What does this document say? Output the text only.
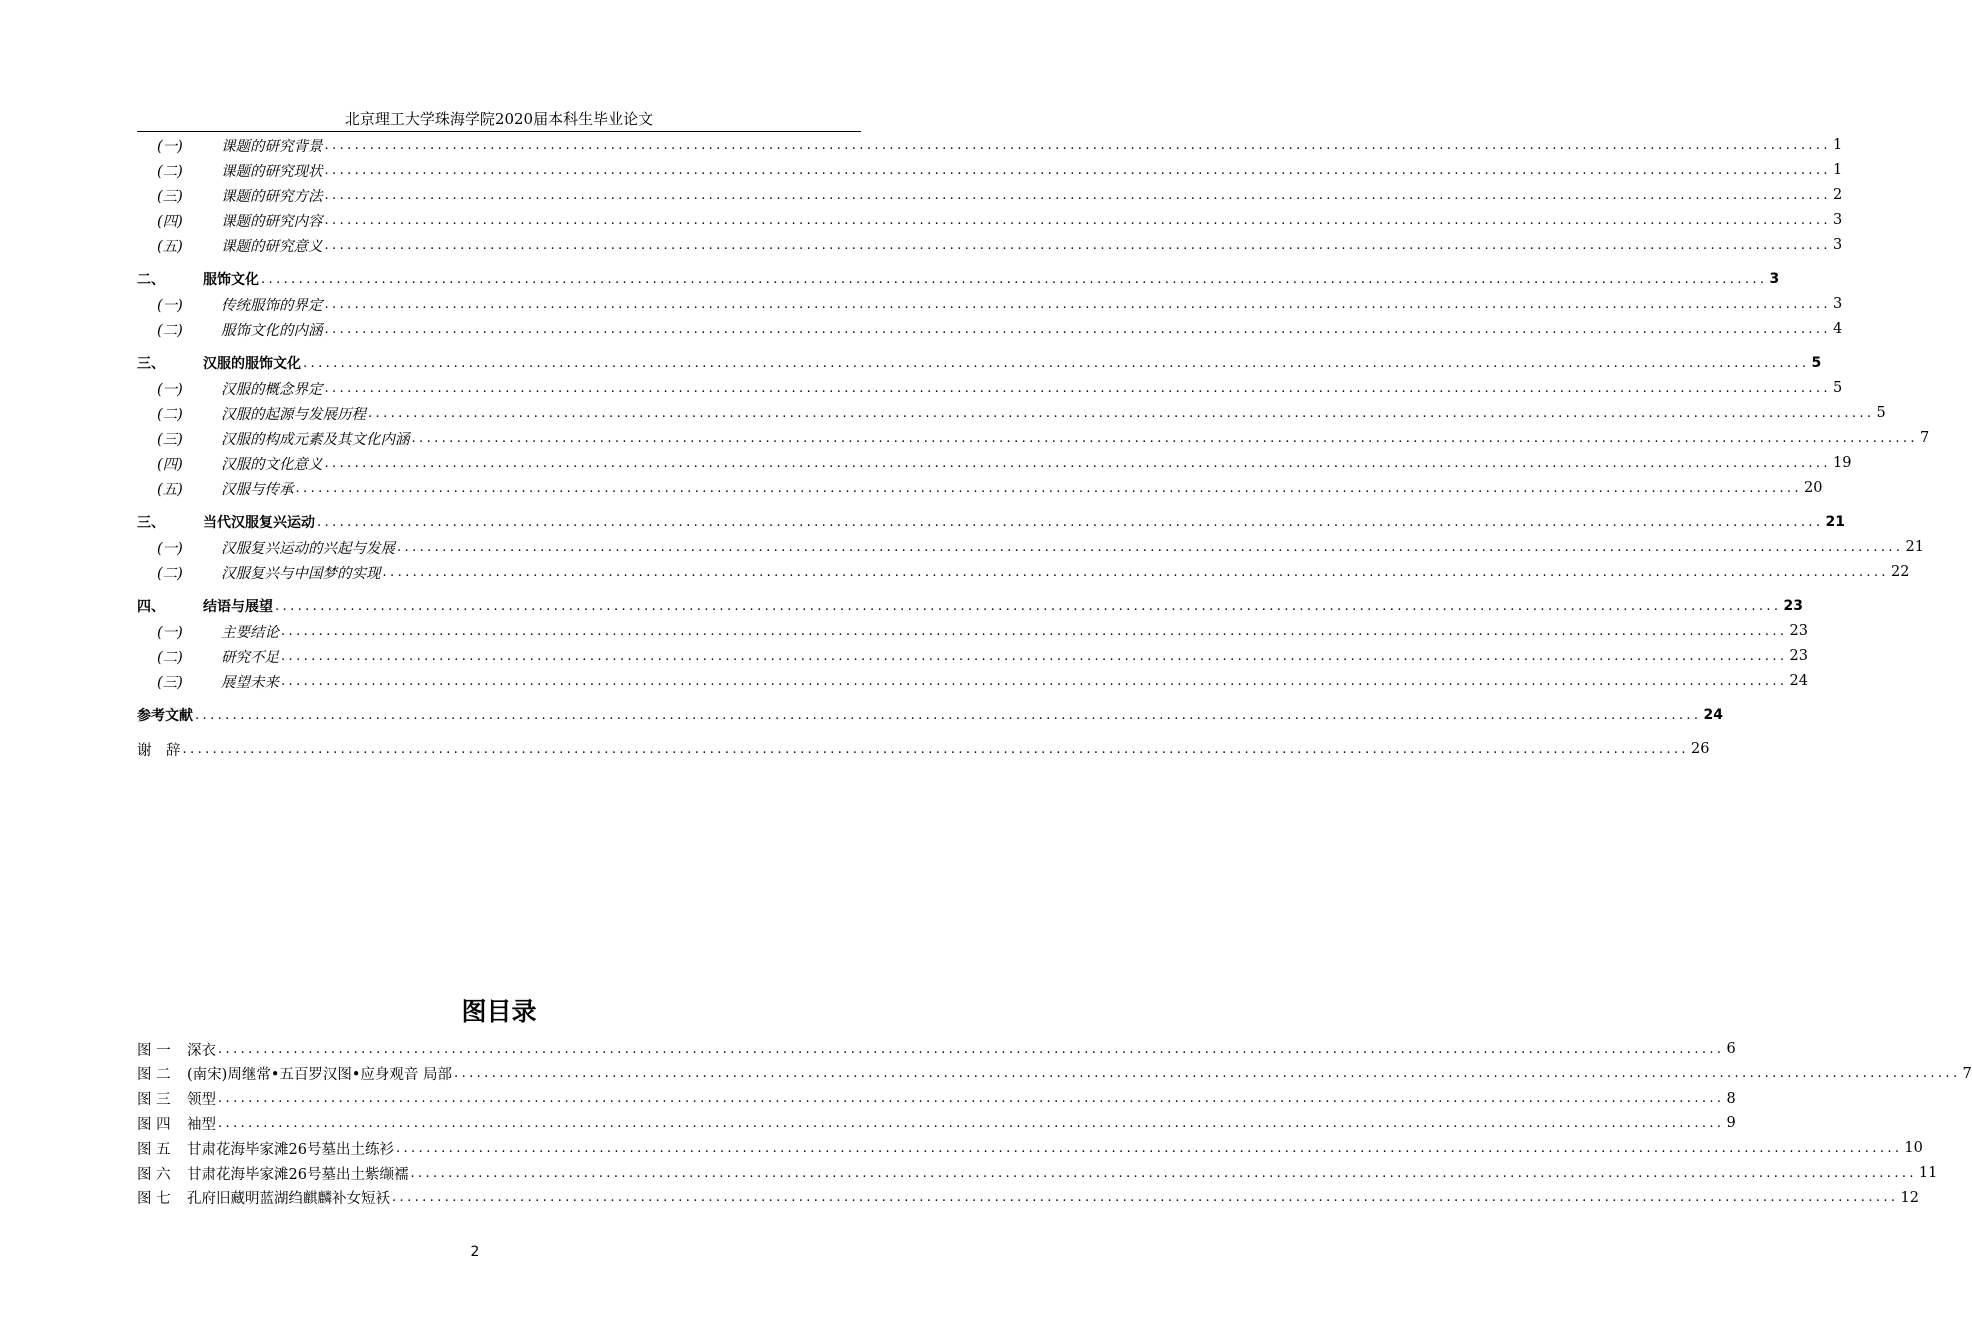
北京理工大学珠海学院2020届本科生毕业论文
(一)	课题的研究背景 ........................................................................................................................................................................................................ 1
(二)	课题的研究现状 ........................................................................................................................................................................................................ 1
(三)	课题的研究方法 ........................................................................................................................................................................................................ 2
(四)	课题的研究内容 ........................................................................................................................................................................................................ 3
(五)	课题的研究意义 ........................................................................................................................................................................................................ 3
二、	服饰文化 ........................................................................................................................................................................................................ 3
(一)	传统服饰的界定 ........................................................................................................................................................................................................ 3
(二)	服饰文化的内涵 ........................................................................................................................................................................................................ 4
三、	汉服的服饰文化 ........................................................................................................................................................................................................ 5
(一)	汉服的概念界定 ........................................................................................................................................................................................................ 5
(二)	汉服的起源与发展历程 ........................................................................................................................................................................................................ 5
(三)	汉服的构成元素及其文化内涵 ........................................................................................................................................................................................................ 7
(四)	汉服的文化意义 ........................................................................................................................................................................................................ 19
(五)	汉服与传承 ........................................................................................................................................................................................................ 20
三、	当代汉服复兴运动 ........................................................................................................................................................................................................ 21
(一)	汉服复兴运动的兴起与发展 ........................................................................................................................................................................................................ 21
(二)	汉服复兴与中国梦的实现 ........................................................................................................................................................................................................ 22
四、	结语与展望 ........................................................................................................................................................................................................ 23
(一)	主要结论 ........................................................................................................................................................................................................ 23
(二)	研究不足 ........................................................................................................................................................................................................ 23
(三)	展望未来 ........................................................................................................................................................................................................ 24
参考文献 ........................................................................................................................................................................................................ 24
谢　辞 ........................................................................................................................................................................................................ 26
图目录
图 一	深衣 ........................................................................................................................................................................................................ 6
图 二	(南宋)周继常•五百罗汉图•应身观音 局部 ........................................................................................................................................................................................................ 7
图 三	领型 ........................................................................................................................................................................................................ 8
图 四	袖型 ........................................................................................................................................................................................................ 9
图 五	甘肃花海毕家滩26号墓出土练衫 ........................................................................................................................................................................................................ 10
图 六	甘肃花海毕家滩26号墓出土紫缬襦 ........................................................................................................................................................................................................ 11
图 七	孔府旧藏明蓝湖绉麒麟补女短袄 ........................................................................................................................................................................................................ 12
2
